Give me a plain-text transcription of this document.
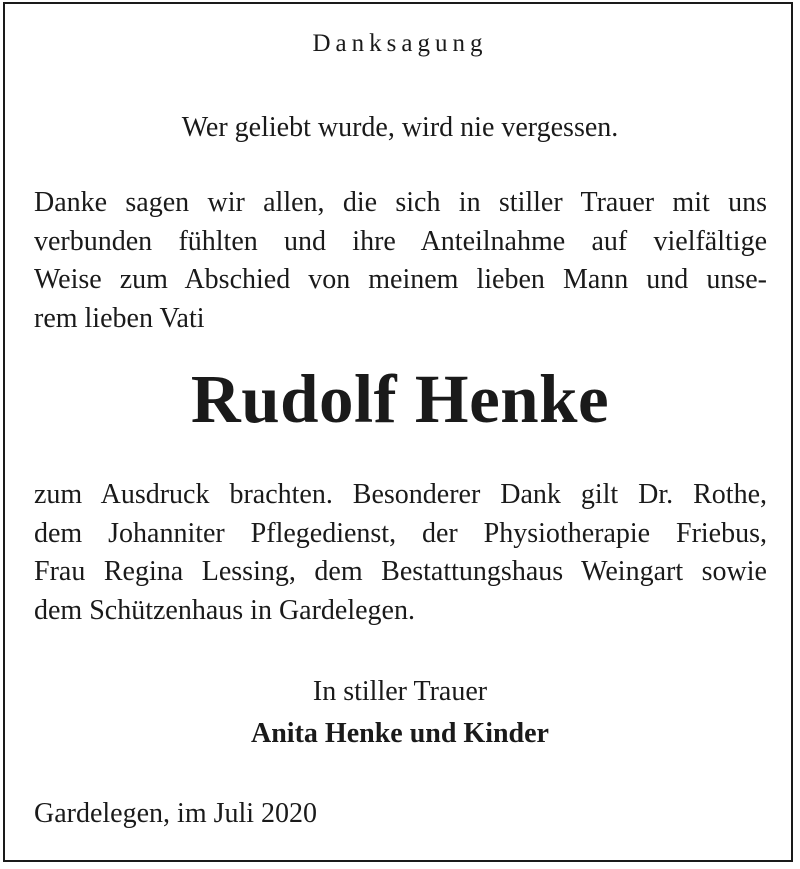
Danksagung

Wer geliebt wurde, wird nie vergessen.

Danke sagen wir allen, die sich in stiller Trauer mit uns
verbunden fühlten und ihre Anteilnahme auf vielfältige
Weise zum Abschied von meinem lieben Mann und unse-
rem lieben Vati

Rudolf Henke

zum Ausdruck brachten. Besonderer Dank gilt Dr. Rothe,
dem Johanniter Pflegedienst, der Physiotherapie Friebus,
Frau Regina Lessing, dem Bestattungshaus Weingart sowie
dem Schützenhaus in Gardelegen.

In stiller Trauer

Anita Henke und Kinder

Gardelegen, im Juli 2020
